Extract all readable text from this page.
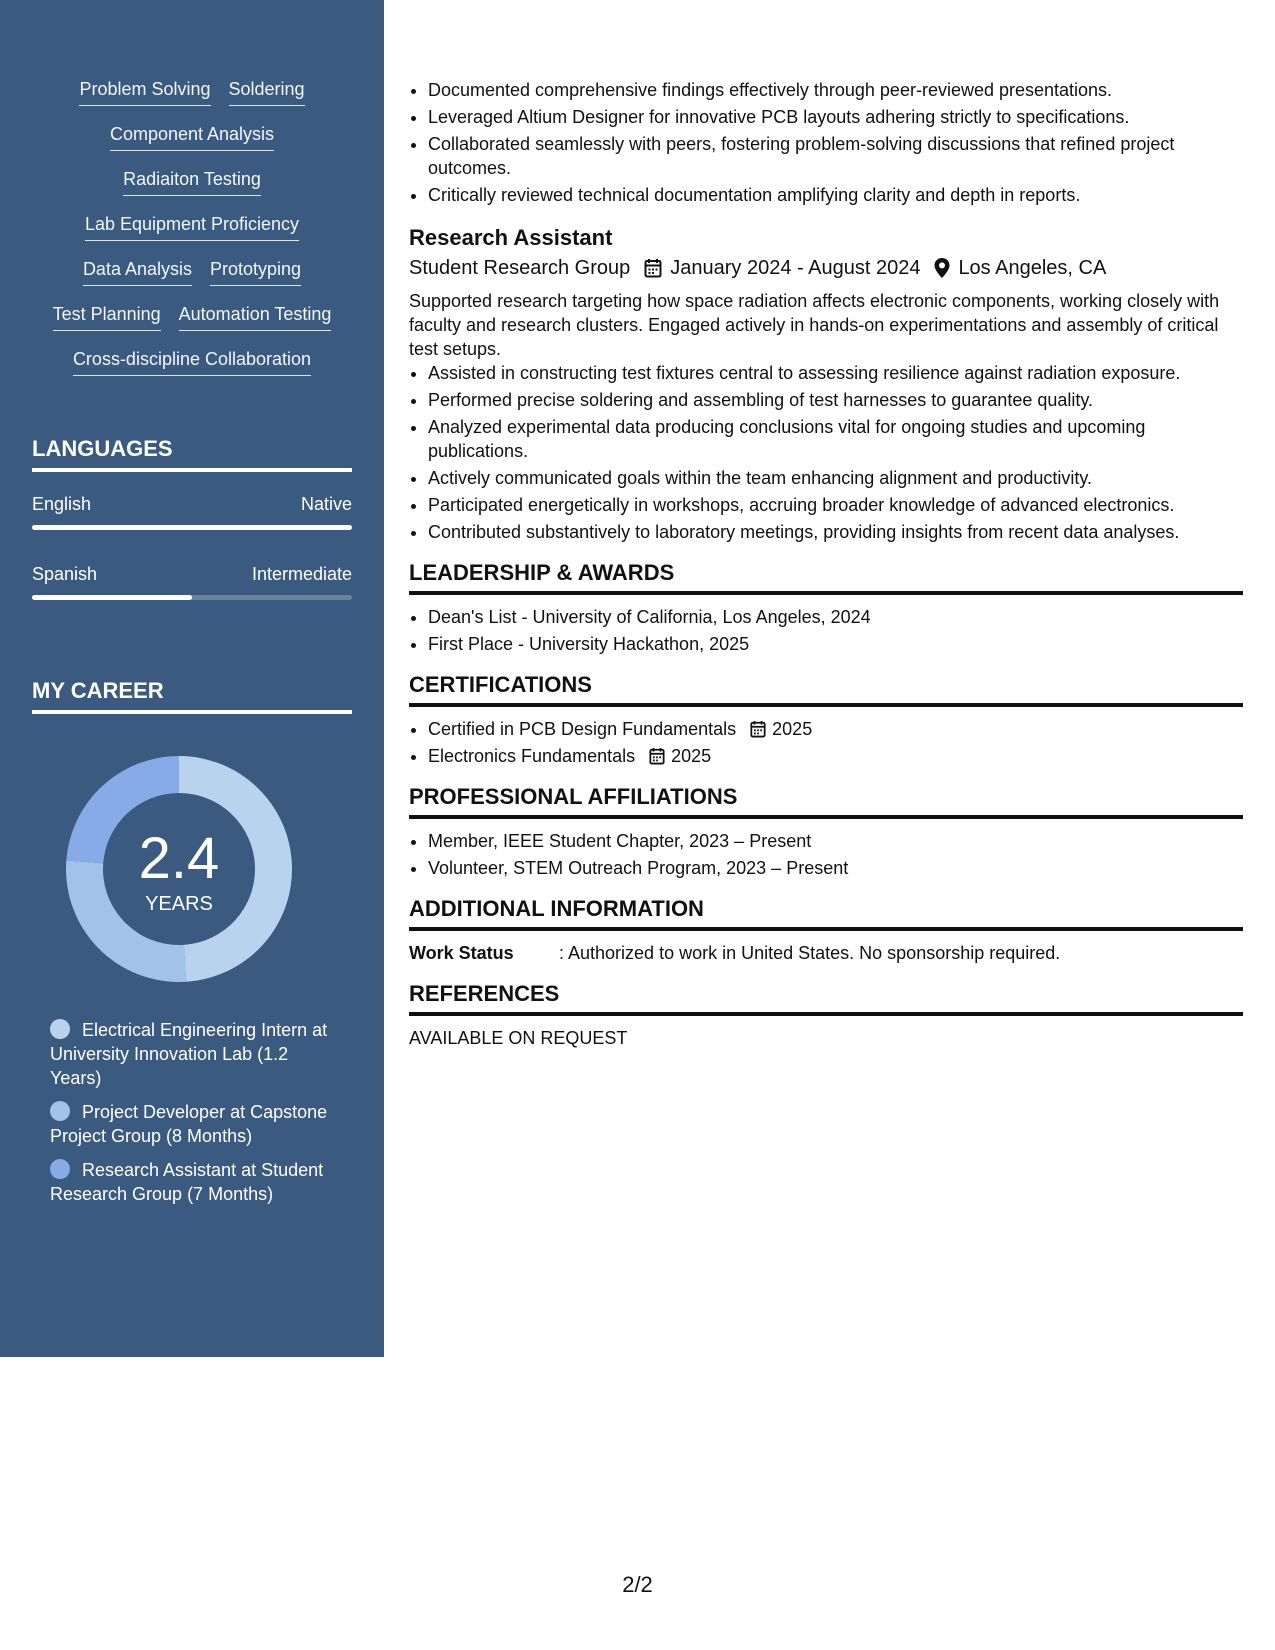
Problem Solving Soldering
Component Analysis
Radiaiton Testing
Lab Equipment Proficiency
Data Analysis Prototyping
Test Planning Automation Testing
Cross-discipline Collaboration
LANGUAGES
English	Native
Spanish	Intermediate
MY CAREER
2.4
YEARS
Electrical Engineering Intern at University Innovation Lab (1.2 Years)
Project Developer at Capstone Project Group (8 Months)
Research Assistant at Student Research Group (7 Months)
• Documented comprehensive findings effectively through peer-reviewed presentations.
• Leveraged Altium Designer for innovative PCB layouts adhering strictly to specifications.
• Collaborated seamlessly with peers, fostering problem-solving discussions that refined project outcomes.
• Critically reviewed technical documentation amplifying clarity and depth in reports.
Research Assistant
Student Research Group January 2024 - August 2024 Los Angeles, CA
Supported research targeting how space radiation affects electronic components, working closely with faculty and research clusters. Engaged actively in hands-on experimentations and assembly of critical test setups.
• Assisted in constructing test fixtures central to assessing resilience against radiation exposure.
• Performed precise soldering and assembling of test harnesses to guarantee quality.
• Analyzed experimental data producing conclusions vital for ongoing studies and upcoming publications.
• Actively communicated goals within the team enhancing alignment and productivity.
• Participated energetically in workshops, accruing broader knowledge of advanced electronics.
• Contributed substantively to laboratory meetings, providing insights from recent data analyses.
LEADERSHIP & AWARDS
• Dean's List - University of California, Los Angeles, 2024
• First Place - University Hackathon, 2025
CERTIFICATIONS
• Certified in PCB Design Fundamentals 2025
• Electronics Fundamentals 2025
PROFESSIONAL AFFILIATIONS
• Member, IEEE Student Chapter, 2023 – Present
• Volunteer, STEM Outreach Program, 2023 – Present
ADDITIONAL INFORMATION
Work Status	: Authorized to work in United States. No sponsorship required.
REFERENCES
AVAILABLE ON REQUEST
2/2
